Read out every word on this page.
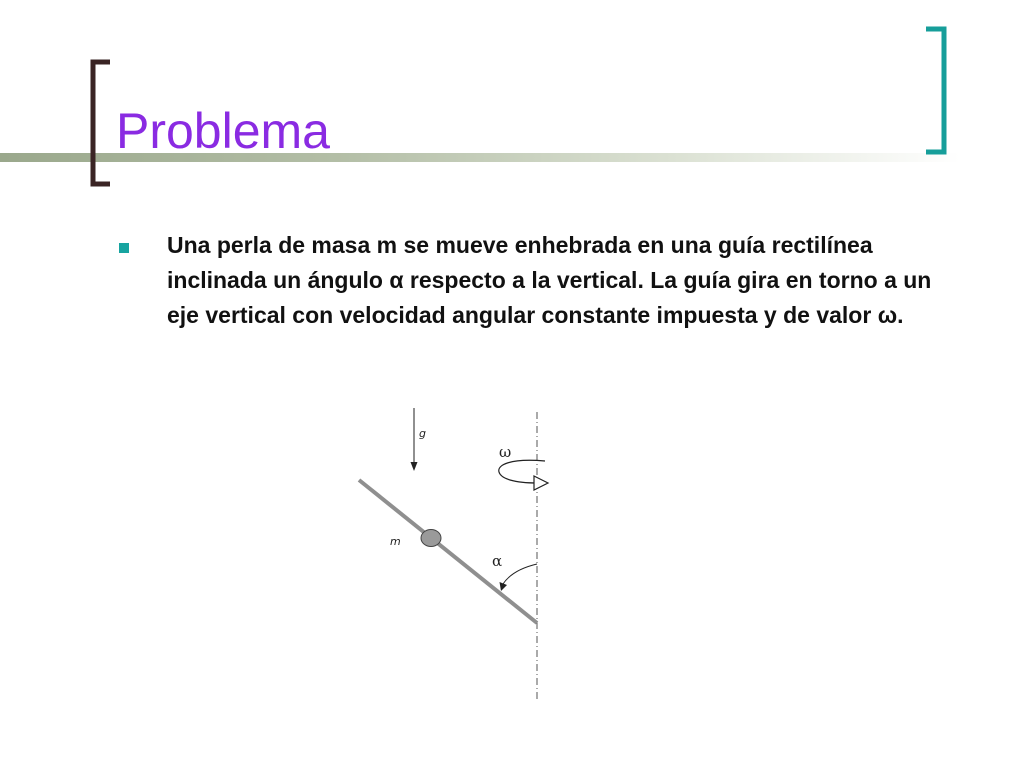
Problema
Una perla de masa m se mueve enhebrada en una guía rectilínea inclinada un ángulo α respecto a la vertical. La guía gira en torno a un eje vertical con velocidad angular constante impuesta y de valor ω.
g
ω
m
α
